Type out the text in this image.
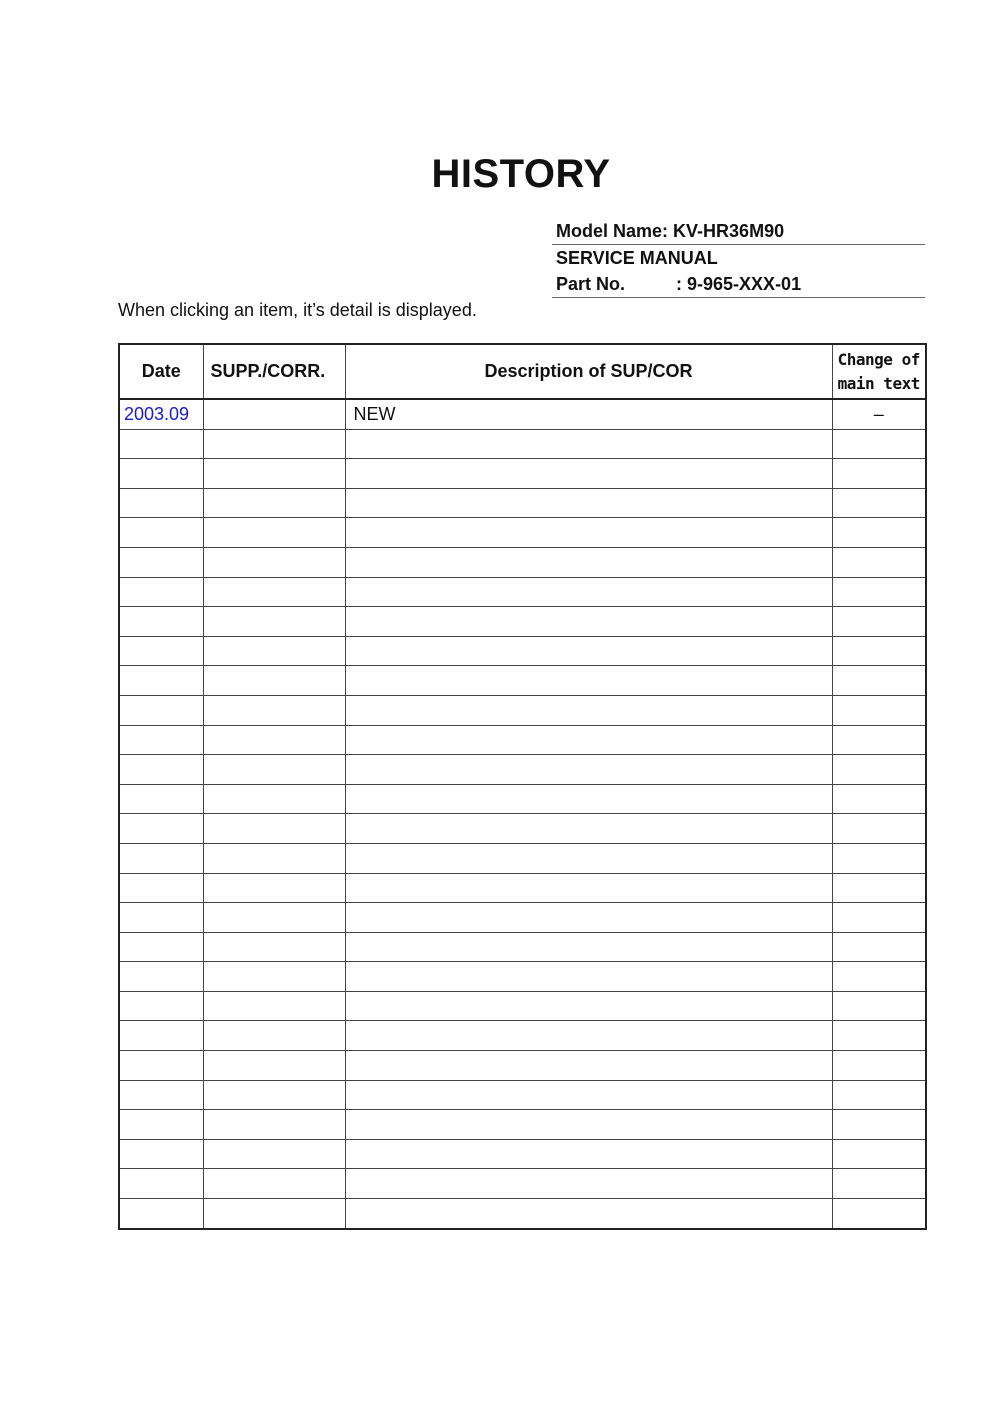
HISTORY
Model Name: KV-HR36M90
SERVICE MANUAL
Part No.	: 9-965-XXX-01
When clicking an item, it’s detail is displayed.
Date	SUPP./CORR.	Description of SUP/COR	Change of
main text
2003.09		NEW	–
